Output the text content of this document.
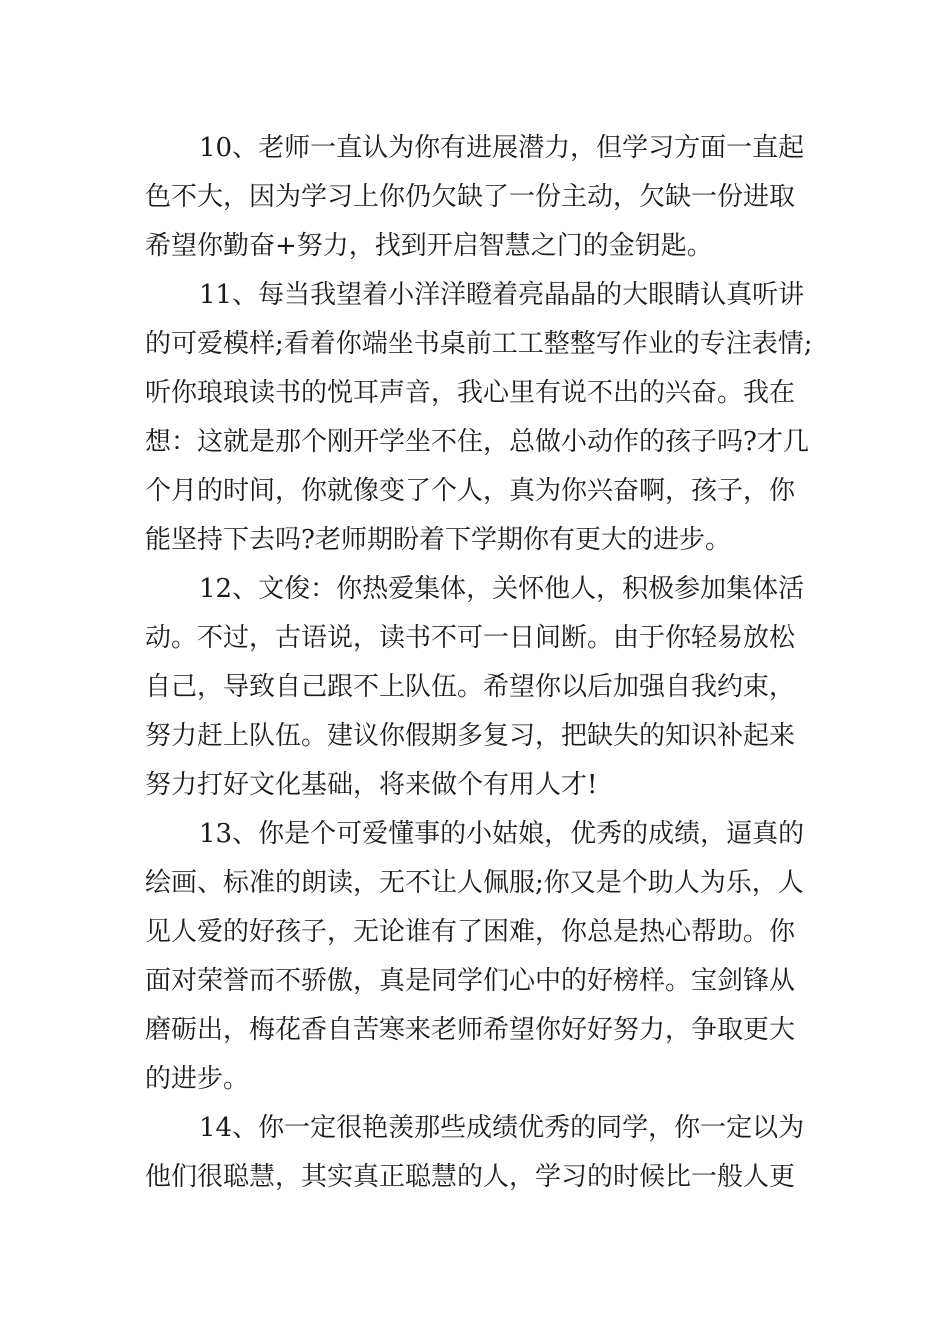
10、老师一直认为你有进展潜力，但学习方面一直起
色不大，因为学习上你仍欠缺了一份主动，欠缺一份进取
希望你勤奋+努力，找到开启智慧之门的金钥匙。
11、每当我望着小洋洋瞪着亮晶晶的大眼睛认真听讲
的可爱模样;看着你端坐书桌前工工整整写作业的专注表情;
听你琅琅读书的悦耳声音，我心里有说不出的兴奋。我在
想：这就是那个刚开学坐不住，总做小动作的孩子吗?才几
个月的时间，你就像变了个人，真为你兴奋啊，孩子，你
能坚持下去吗?老师期盼着下学期你有更大的进步。
12、文俊：你热爱集体，关怀他人，积极参加集体活
动。不过，古语说，读书不可一日间断。由于你轻易放松
自己，导致自己跟不上队伍。希望你以后加强自我约束，
努力赶上队伍。建议你假期多复习，把缺失的知识补起来
努力打好文化基础，将来做个有用人才!
13、你是个可爱懂事的小姑娘，优秀的成绩，逼真的
绘画、标准的朗读，无不让人佩服;你又是个助人为乐，人
见人爱的好孩子，无论谁有了困难，你总是热心帮助。你
面对荣誉而不骄傲，真是同学们心中的好榜样。宝剑锋从
磨砺出，梅花香自苦寒来老师希望你好好努力，争取更大
的进步。
14、你一定很艳羡那些成绩优秀的同学，你一定以为
他们很聪慧，其实真正聪慧的人，学习的时候比一般人更
